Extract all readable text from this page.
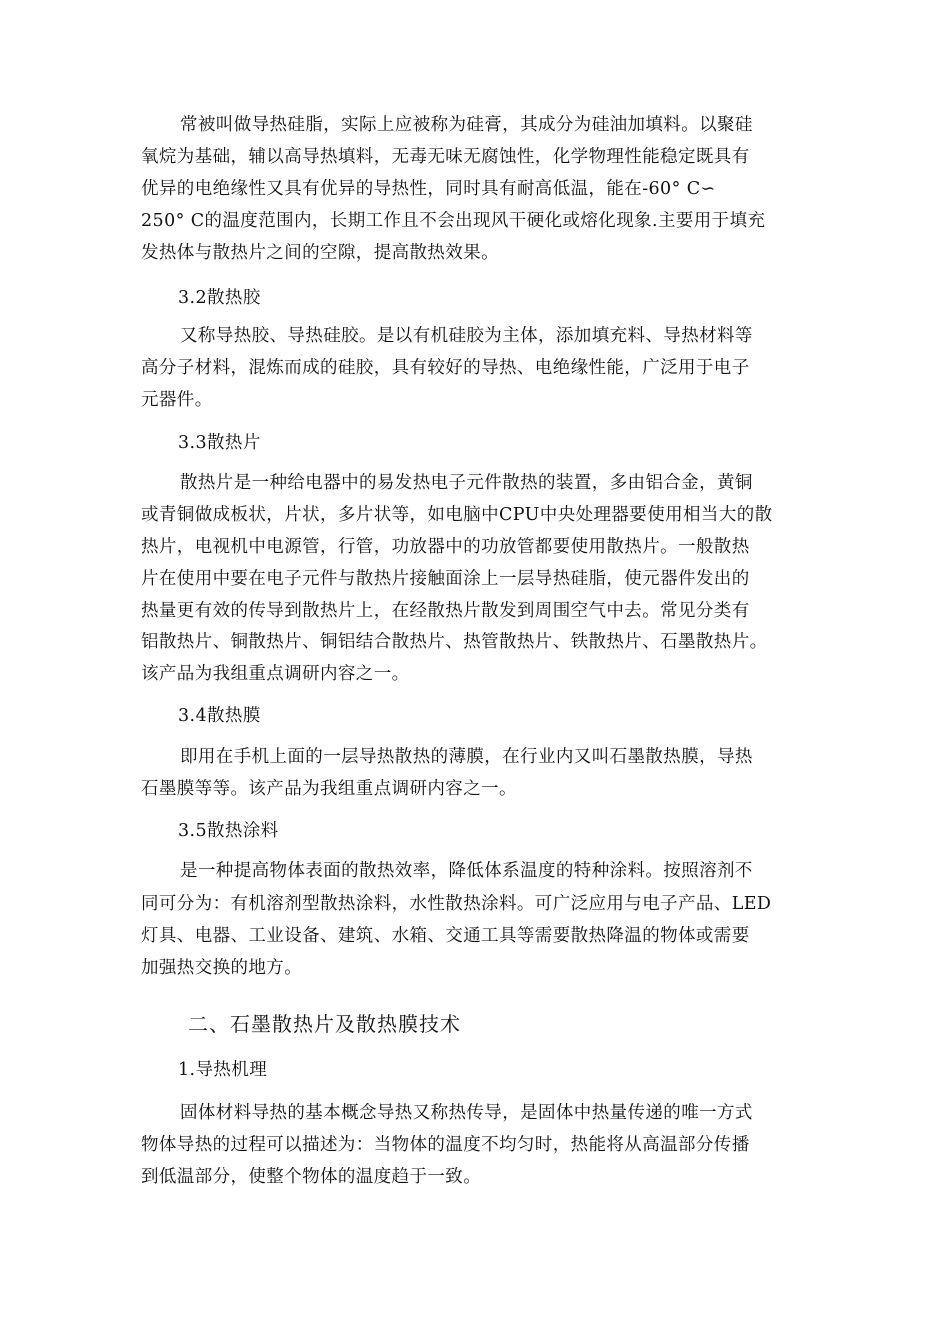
常被叫做导热硅脂，实际上应被称为硅膏，其成分为硅油加填料。以聚硅
氧烷为基础，辅以高导热填料，无毒无味无腐蚀性，化学物理性能稳定既具有
优异的电绝缘性又具有优异的导热性，同时具有耐高低温，能在-60° C∽
250° C的温度范围内，长期工作且不会出现风干硬化或熔化现象.主要用于填充
发热体与散热片之间的空隙，提高散热效果。
3.2散热胶
又称导热胶、导热硅胶。是以有机硅胶为主体，添加填充料、导热材料等
高分子材料，混炼而成的硅胶，具有较好的导热、电绝缘性能，广泛用于电子
元器件。
3.3散热片
散热片是一种给电器中的易发热电子元件散热的装置，多由铝合金，黄铜
或青铜做成板状，片状，多片状等，如电脑中CPU中央处理器要使用相当大的散
热片，电视机中电源管，行管，功放器中的功放管都要使用散热片。一般散热
片在使用中要在电子元件与散热片接触面涂上一层导热硅脂，使元器件发出的
热量更有效的传导到散热片上，在经散热片散发到周围空气中去。常见分类有
铝散热片、铜散热片、铜铝结合散热片、热管散热片、铁散热片、石墨散热片。
该产品为我组重点调研内容之一。
3.4散热膜
即用在手机上面的一层导热散热的薄膜，在行业内又叫石墨散热膜，导热
石墨膜等等。该产品为我组重点调研内容之一。
3.5散热涂料
是一种提高物体表面的散热效率，降低体系温度的特种涂料。按照溶剂不
同可分为：有机溶剂型散热涂料，水性散热涂料。可广泛应用与电子产品、LED
灯具、电器、工业设备、建筑、水箱、交通工具等需要散热降温的物体或需要
加强热交换的地方。
二、石墨散热片及散热膜技术
1.导热机理
固体材料导热的基本概念导热又称热传导，是固体中热量传递的唯一方式
物体导热的过程可以描述为：当物体的温度不均匀时，热能将从高温部分传播
到低温部分，使整个物体的温度趋于一致。
